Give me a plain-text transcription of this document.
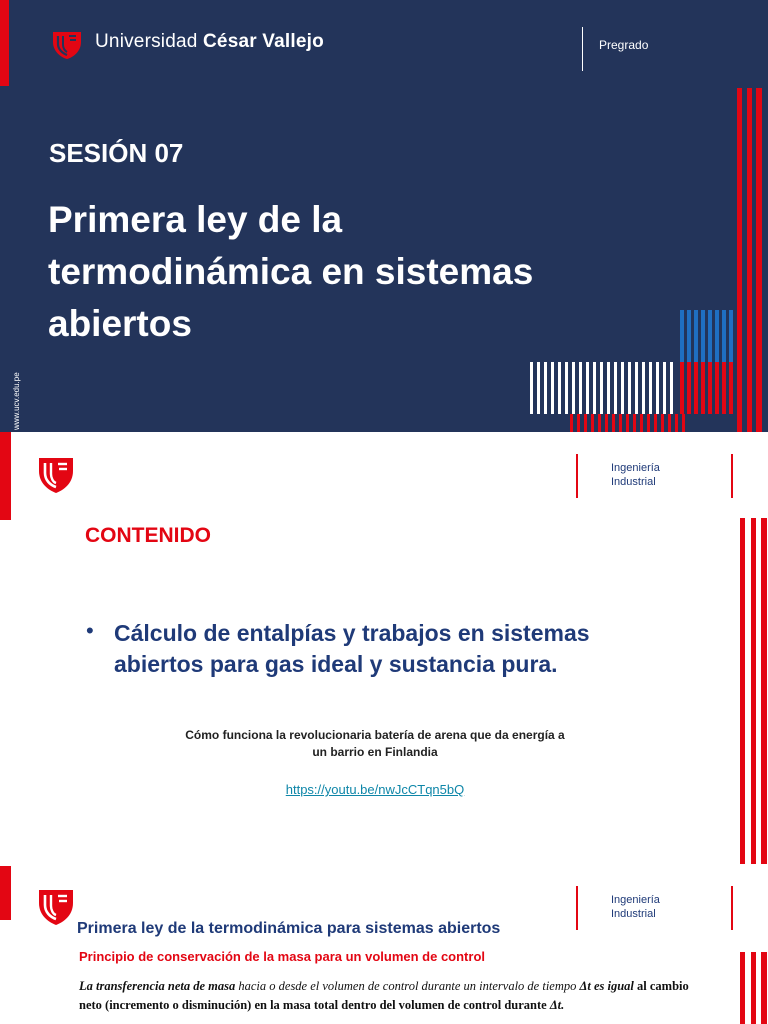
Universidad César Vallejo	Pregrado
SESIÓN 07
Primera ley de la termodinámica en sistemas abiertos
www.ucv.edu.pe
Ingeniería
Industrial
CONTENIDO
• Cálculo de entalpías y trabajos en sistemas abiertos para gas ideal y sustancia pura.
Cómo funciona la revolucionaria batería de arena que da energía a un barrio en Finlandia
https://youtu.be/nwJcCTqn5bQ
Ingeniería
Industrial
Primera ley de la termodinámica para sistemas abiertos
Principio de conservación de la masa para un volumen de control
La transferencia neta de masa hacia o desde el volumen de control durante un intervalo de tiempo Δt es igual al cambio neto (incremento o disminución) en la masa total dentro del volumen de control durante Δt.
